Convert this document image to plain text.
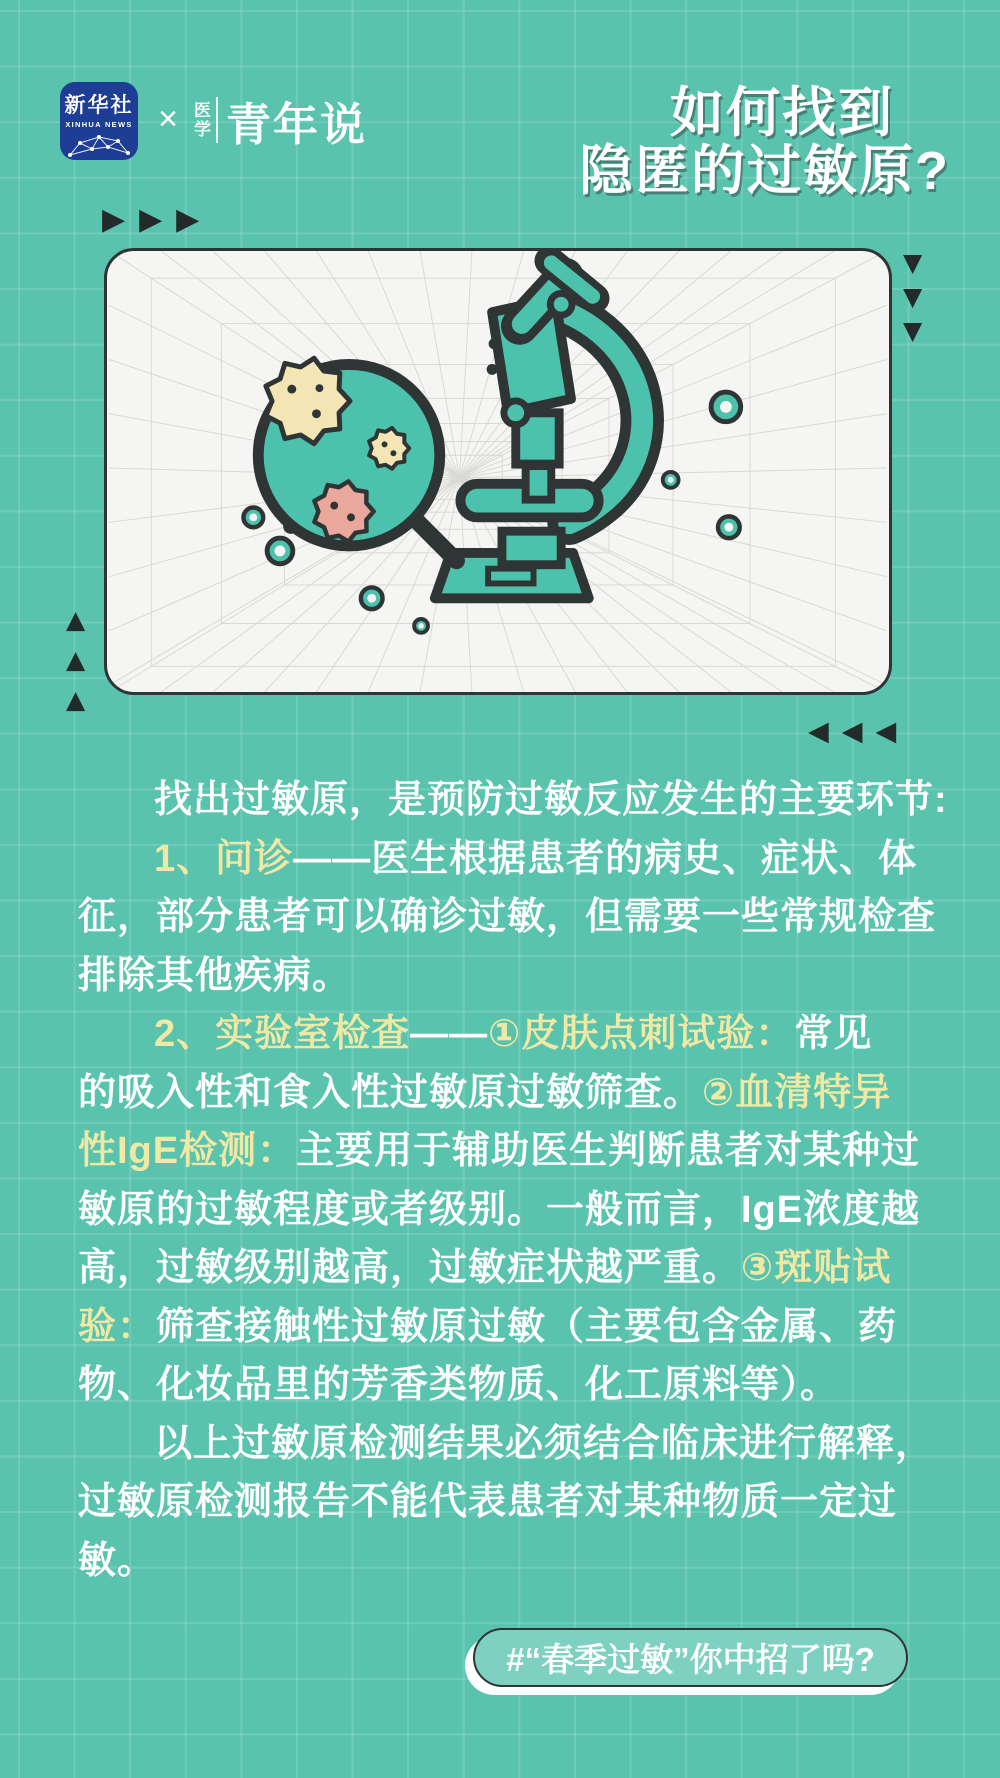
新华社
XINHUA NEWS × 医
学 青年说	如何找到
隐匿的过敏原?
▶▶▶
▼
▼
▼
▲
▲
▲
◀◀◀
找出过敏原，是预防过敏反应发生的主要环节:
1、问诊——医生根据患者的病史、症状、体
征，部分患者可以确诊过敏，但需要一些常规检查
排除其他疾病。
2、实验室检查——①皮肤点刺试验：常见
的吸入性和食入性过敏原过敏筛查。②血清特异
性IgE检测：主要用于辅助医生判断患者对某种过
敏原的过敏程度或者级别。一般而言，IgE浓度越
高，过敏级别越高，过敏症状越严重。③斑贴试
验：筛查接触性过敏原过敏（主要包含金属、药
物、化妆品里的芳香类物质、化工原料等）。
以上过敏原检测结果必须结合临床进行解释，
过敏原检测报告不能代表患者对某种物质一定过
敏。
#“春季过敏”你中招了吗?
